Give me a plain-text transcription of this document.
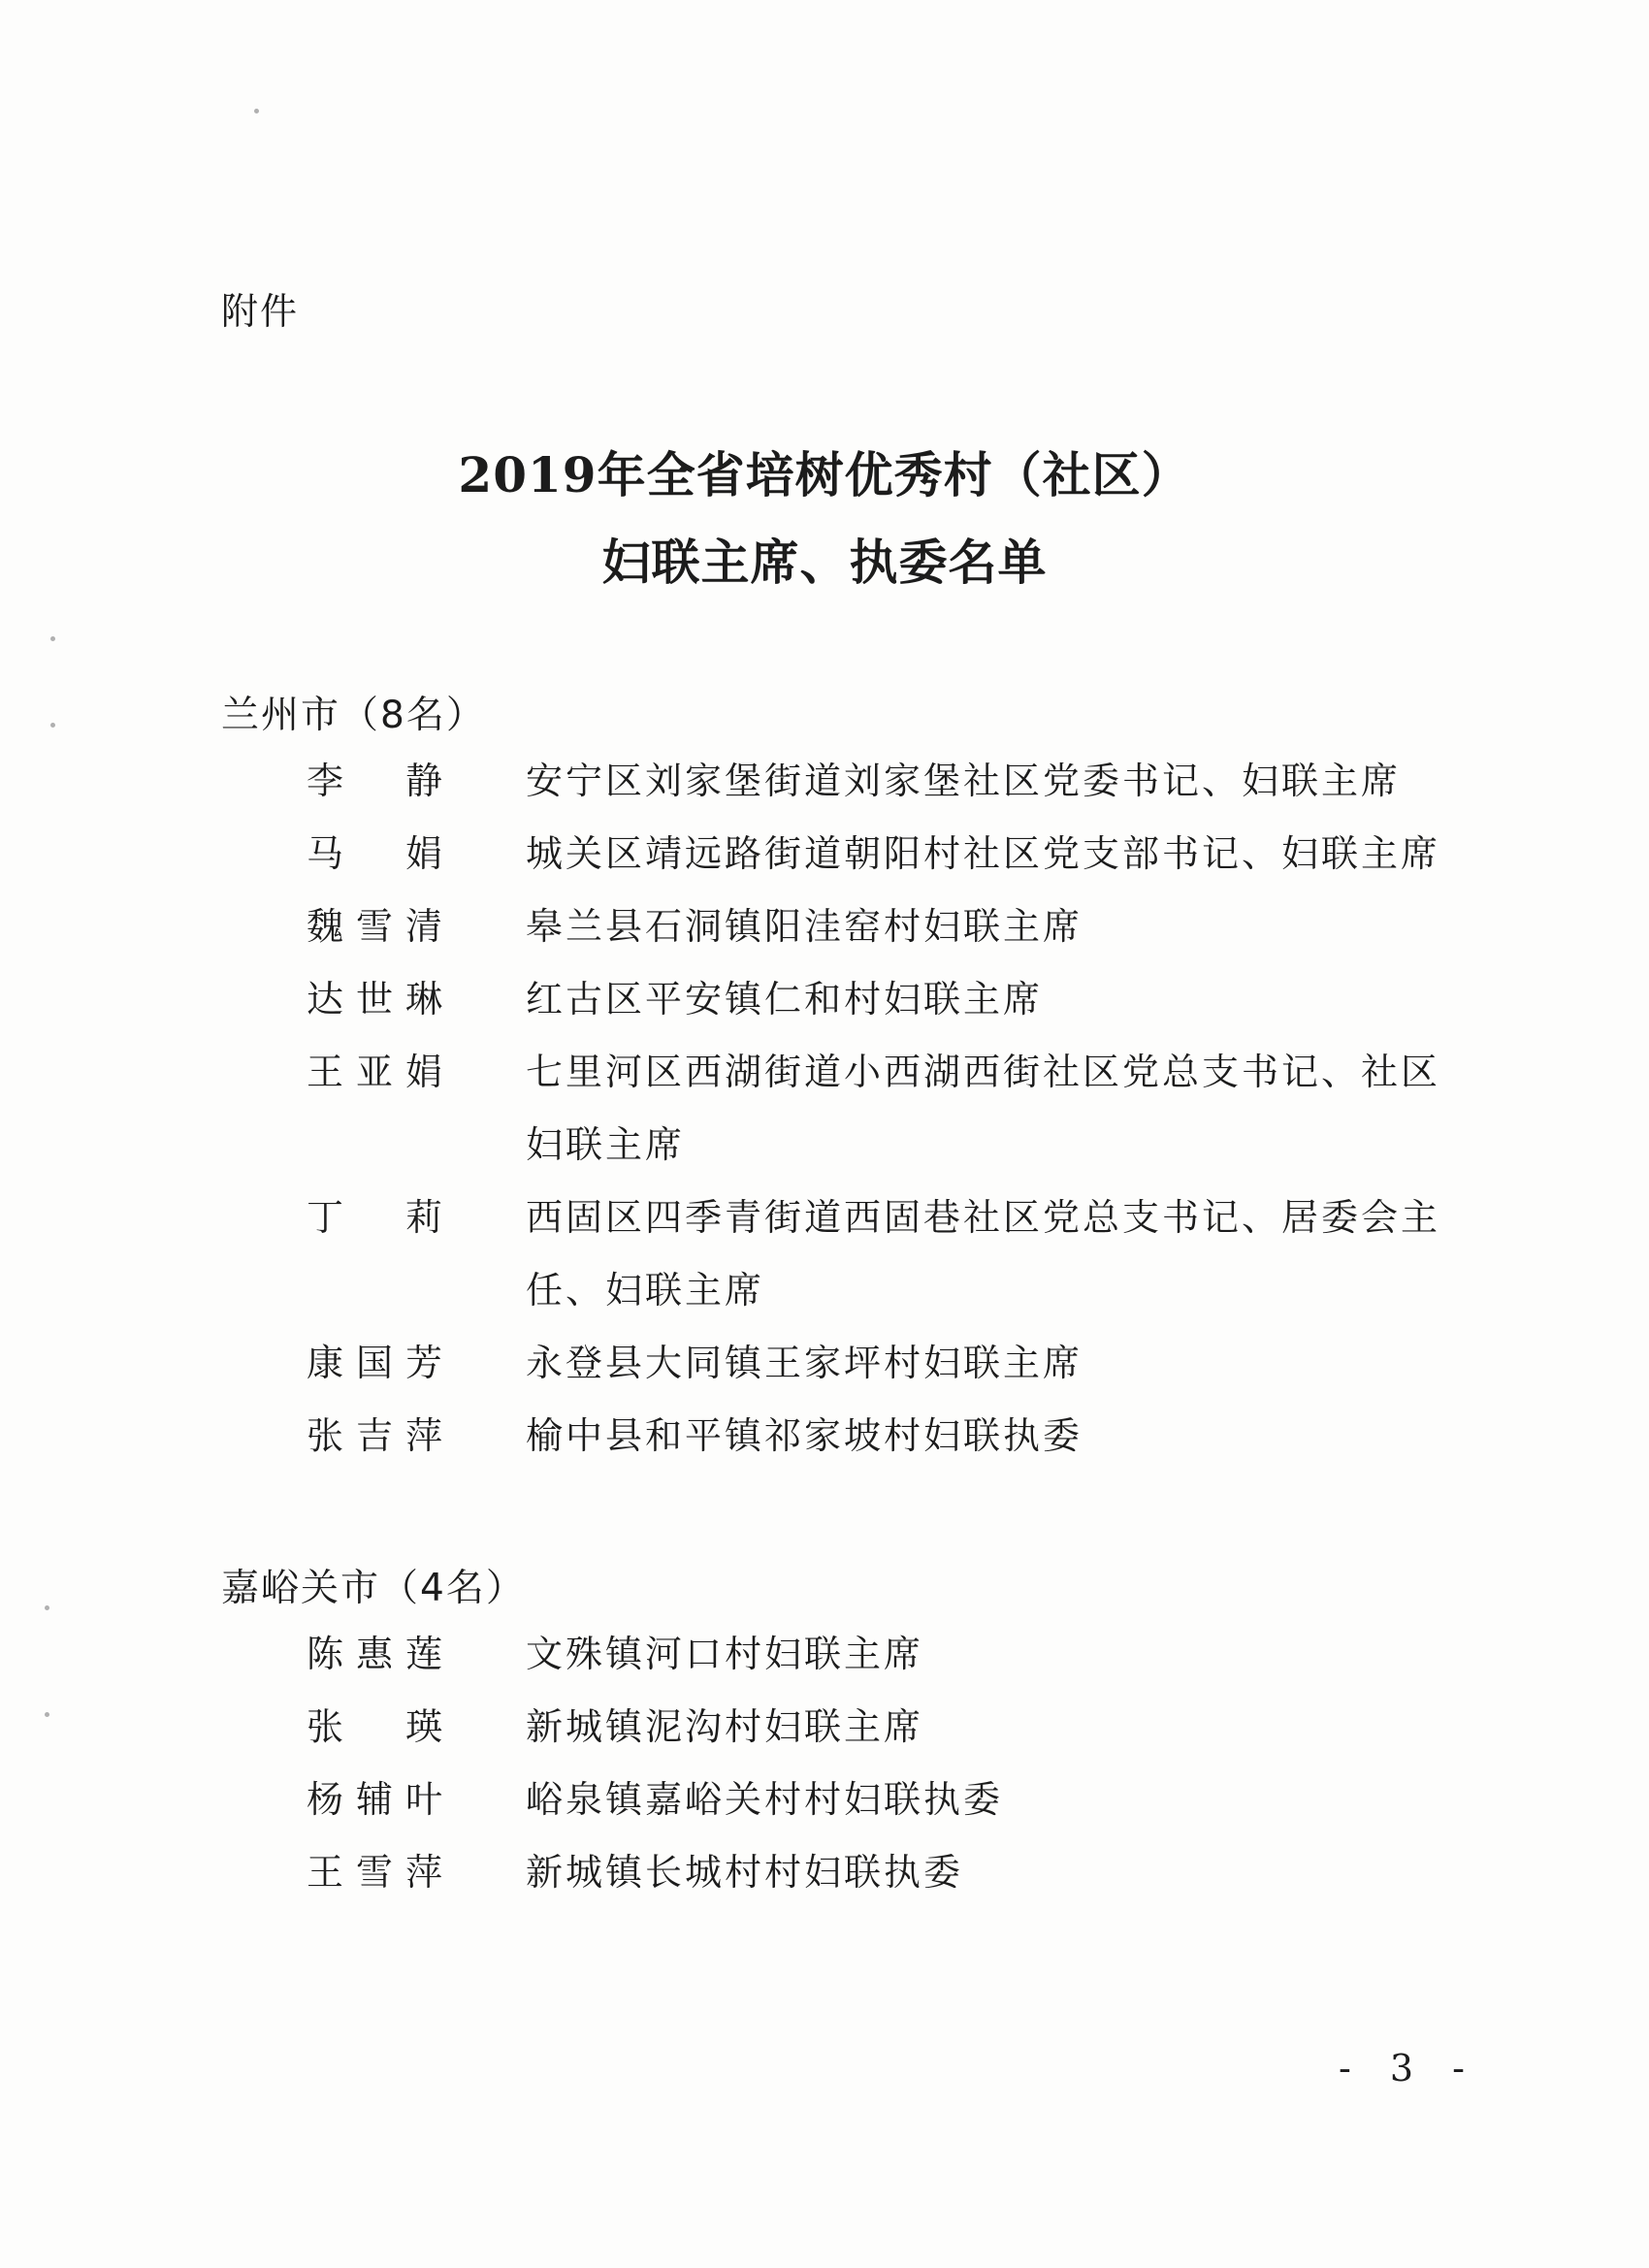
附件
2019年全省培树优秀村（社区）
妇联主席、执委名单
兰州市（8名）
李静 安宁区刘家堡街道刘家堡社区党委书记、妇联主席
马娟 城关区靖远路街道朝阳村社区党支部书记、妇联主席
魏雪清 皋兰县石洞镇阳洼窑村妇联主席
达世琳 红古区平安镇仁和村妇联主席
王亚娟 七里河区西湖街道小西湖西街社区党总支书记、社区妇联主席
丁莉 西固区四季青街道西固巷社区党总支书记、居委会主任、妇联主席
康国芳 永登县大同镇王家坪村妇联主席
张吉萍 榆中县和平镇祁家坡村妇联执委
嘉峪关市（4名）
陈惠莲 文殊镇河口村妇联主席
张瑛 新城镇泥沟村妇联主席
杨辅叶 峪泉镇嘉峪关村村妇联执委
王雪萍 新城镇长城村村妇联执委
- 3 -
